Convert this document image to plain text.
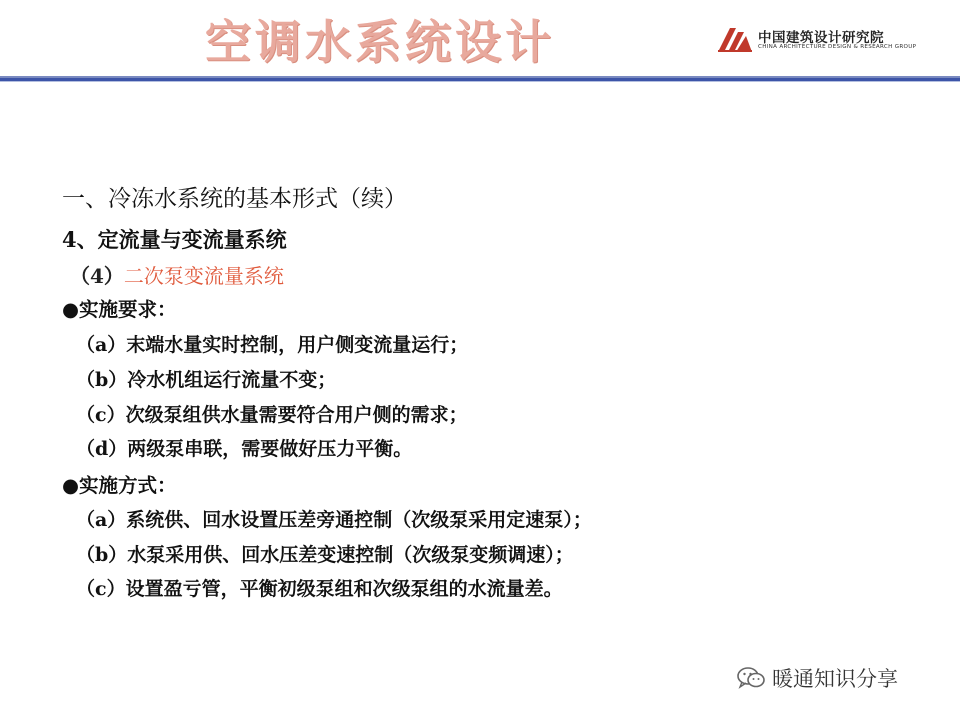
空调水系统设计	中国建筑设计研究院
CHINA ARCHITECTURE DESIGN & RESEARCH GROUP
一、冷冻水系统的基本形式（续）
4、定流量与变流量系统
（4）二次泵变流量系统
●实施要求：
（a）末端水量实时控制，用户侧变流量运行；
（b）冷水机组运行流量不变；
（c）次级泵组供水量需要符合用户侧的需求；
（d）两级泵串联，需要做好压力平衡。
●实施方式：
（a）系统供、回水设置压差旁通控制（次级泵采用定速泵）；
（b）水泵采用供、回水压差变速控制（次级泵变频调速）；
（c）设置盈亏管，平衡初级泵组和次级泵组的水流量差。
暖通知识分享
